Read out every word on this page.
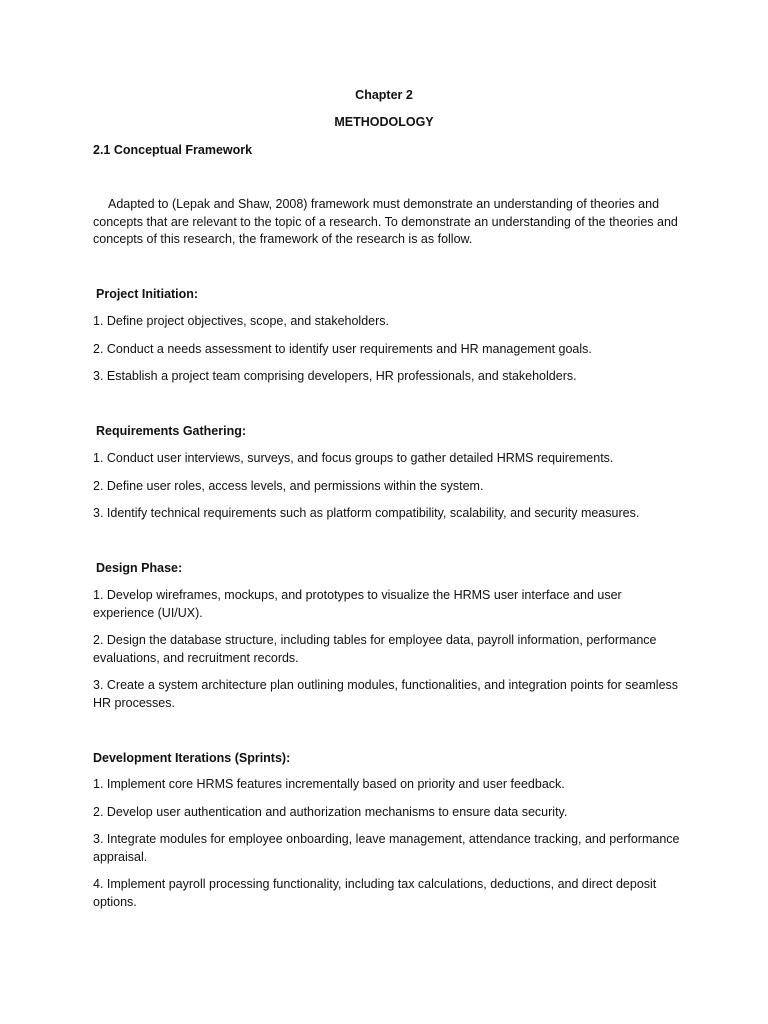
Chapter 2

METHODOLOGY

2.1 Conceptual Framework

Adapted to (Lepak and Shaw, 2008) framework must demonstrate an understanding of theories and concepts that are relevant to the topic of a research. To demonstrate an understanding of the theories and concepts of this research, the framework of the research is as follow.

Project Initiation:

1. Define project objectives, scope, and stakeholders.

2. Conduct a needs assessment to identify user requirements and HR management goals.

3. Establish a project team comprising developers, HR professionals, and stakeholders.

Requirements Gathering:

1. Conduct user interviews, surveys, and focus groups to gather detailed HRMS requirements.

2. Define user roles, access levels, and permissions within the system.

3. Identify technical requirements such as platform compatibility, scalability, and security measures.

Design Phase:

1. Develop wireframes, mockups, and prototypes to visualize the HRMS user interface and user experience (UI/UX).

2. Design the database structure, including tables for employee data, payroll information, performance evaluations, and recruitment records.

3. Create a system architecture plan outlining modules, functionalities, and integration points for seamless HR processes.

Development Iterations (Sprints):

1. Implement core HRMS features incrementally based on priority and user feedback.

2. Develop user authentication and authorization mechanisms to ensure data security.

3. Integrate modules for employee onboarding, leave management, attendance tracking, and performance appraisal.

4. Implement payroll processing functionality, including tax calculations, deductions, and direct deposit options.
